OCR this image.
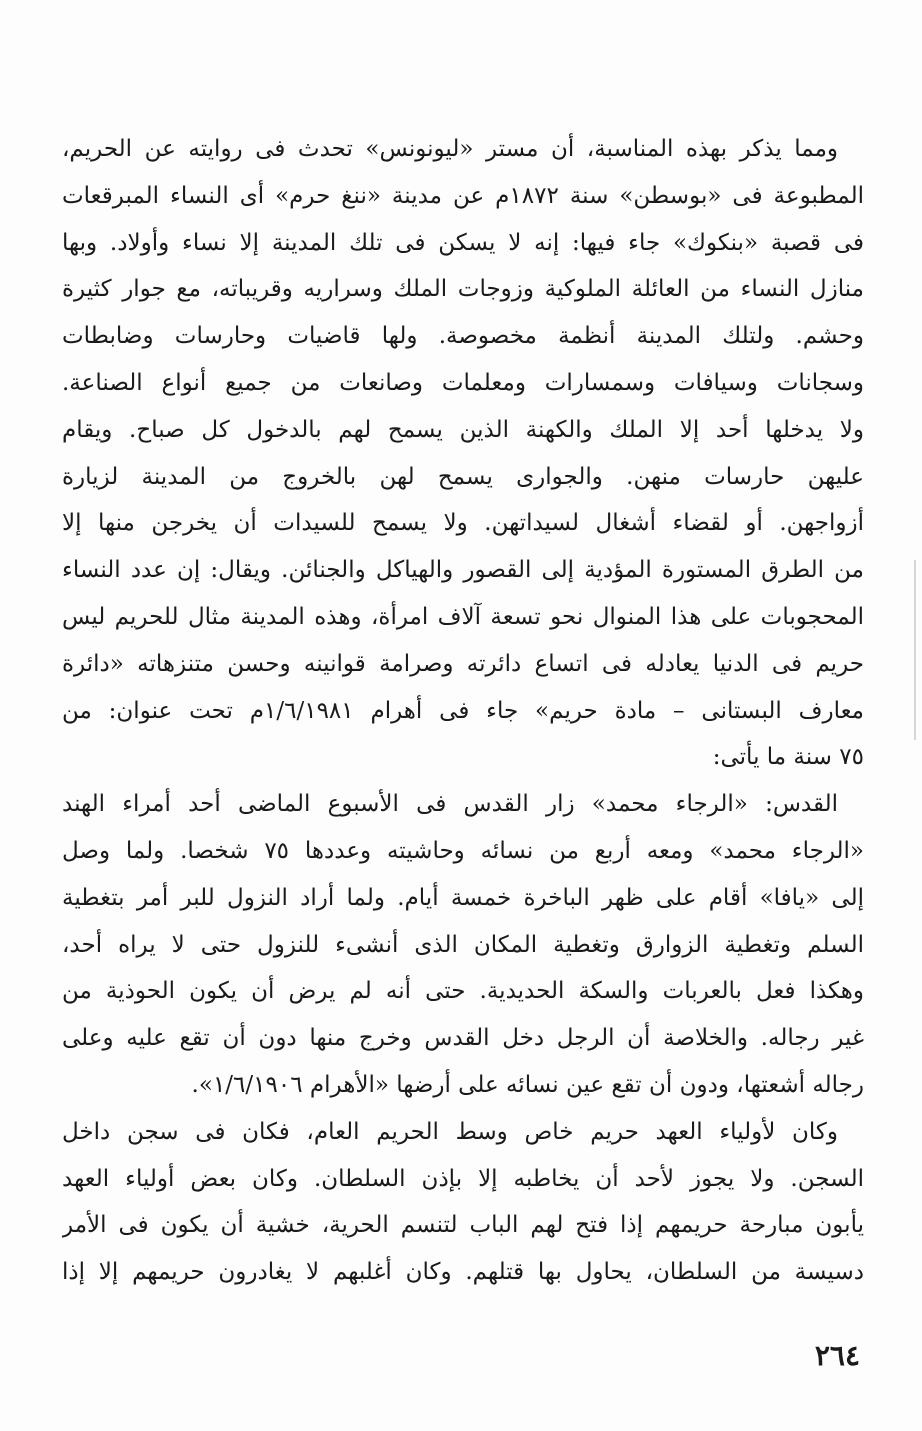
ومما يذكر بهذه المناسبة، أن مستر «ليونونس» تحدث فى روايته عن الحريم،
المطبوعة فى «بوسطن» سنة ١٨٧٢م عن مدينة «ننغ حرم» أى النساء المبرقعات
فى قصبة «بنكوك» جاء فيها: إنه لا يسكن فى تلك المدينة إلا نساء وأولاد. وبها
منازل النساء من العائلة الملوكية وزوجات الملك وسراريه وقريباته، مع جوار كثيرة
وحشم. ولتلك المدينة أنظمة مخصوصة. ولها قاضيات وحارسات وضابطات
وسجانات وسيافات وسمسارات ومعلمات وصانعات من جميع أنواع الصناعة.
ولا يدخلها أحد إلا الملك والكهنة الذين يسمح لهم بالدخول كل صباح. ويقام
عليهن حارسات منهن. والجوارى يسمح لهن بالخروج من المدينة لزيارة
أزواجهن. أو لقضاء أشغال لسيداتهن. ولا يسمح للسيدات أن يخرجن منها إلا
من الطرق المستورة المؤدية إلى القصور والهياكل والجنائن. ويقال: إن عدد النساء
المحجوبات على هذا المنوال نحو تسعة آلاف امرأة، وهذه المدينة مثال للحريم ليس
حريم فى الدنيا يعادله فى اتساع دائرته وصرامة قوانينه وحسن متنزهاته «دائرة
معارف البستانى – مادة حريم» جاء فى أهرام ١/٦/١٩٨١م تحت عنوان: من
٧٥ سنة ما يأتى:
القدس: «الرجاء محمد» زار القدس فى الأسبوع الماضى أحد أمراء الهند
«الرجاء محمد» ومعه أربع من نسائه وحاشيته وعددها ٧٥ شخصا. ولما وصل
إلى «يافا» أقام على ظهر الباخرة خمسة أيام. ولما أراد النزول للبر أمر بتغطية
السلم وتغطية الزوارق وتغطية المكان الذى أنشىء للنزول حتى لا يراه أحد،
وهكذا فعل بالعربات والسكة الحديدية. حتى أنه لم يرض أن يكون الحوذية من
غير رجاله. والخلاصة أن الرجل دخل القدس وخرج منها دون أن تقع عليه وعلى
رجاله أشعتها، ودون أن تقع عين نسائه على أرضها «الأهرام ١/٦/١٩٠٦».
وكان لأولياء العهد حريم خاص وسط الحريم العام، فكان فى سجن داخل
السجن. ولا يجوز لأحد أن يخاطبه إلا بإذن السلطان. وكان بعض أولياء العهد
يأبون مبارحة حريمهم إذا فتح لهم الباب لتنسم الحرية، خشية أن يكون فى الأمر
دسيسة من السلطان، يحاول بها قتلهم. وكان أغلبهم لا يغادرون حريمهم إلا إذا
٢٦٤
